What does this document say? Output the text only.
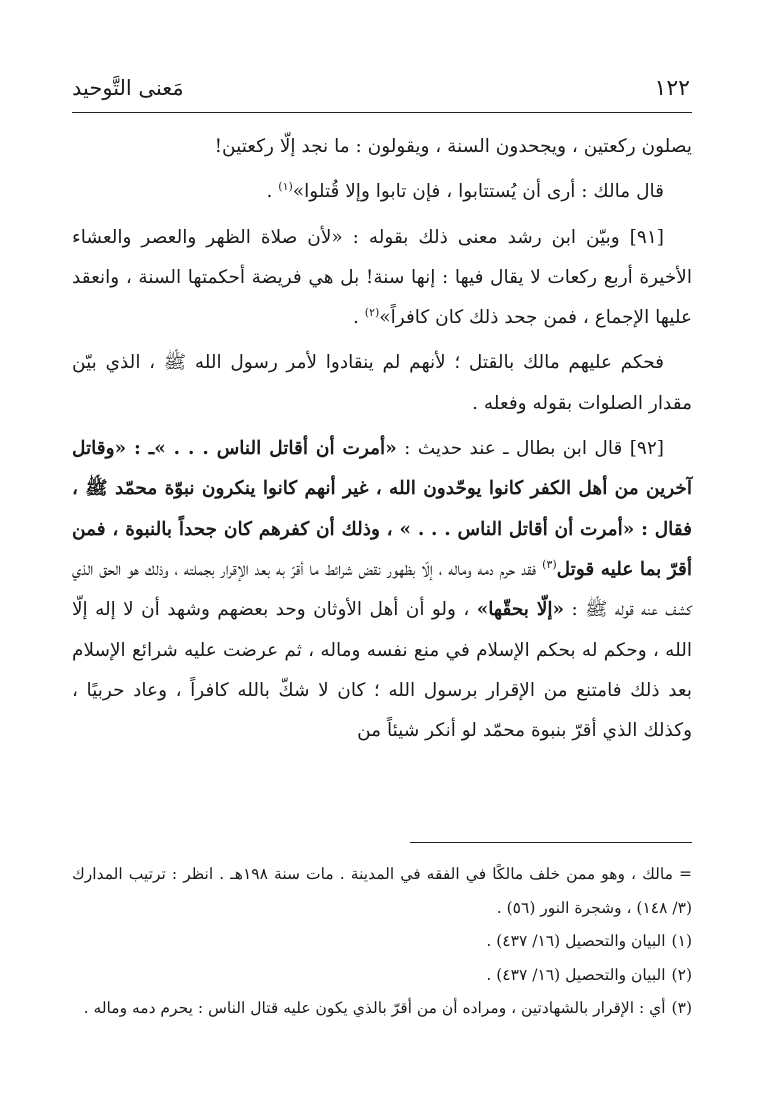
١٢٢
مَعنى التَّوحيد

يصلون ركعتين ، ويجحدون السنة ، ويقولون : ما نجد إلّا ركعتين!

قال مالك : أرى أن يُستتابوا ، فإن تابوا وإلا قُتلوا»$^{(١)}$ .

[٩١] وبيّن ابن رشد معنى ذلك بقوله : «لأن صلاة الظهر والعصر والعشاء الأخيرة أربع ركعات لا يقال فيها : إنها سنة! بل هي فريضة أحكمتها السنة ، وانعقد عليها الإجماع ، فمن جحد ذلك كان كافراً»$^{(٢)}$ .

فحكم عليهم مالك بالقتل ؛ لأنهم لم ينقادوا لأمر رسول الله ﷺ ، الذي بيّن مقدار الصلوات بقوله وفعله .

[٩٢] قال ابن بطال ـ عند حديث : «أمرت أن أقاتل الناس . . . »ـ : «وقاتل آخرين من أهل الكفر كانوا يوحّدون الله ، غير أنهم كانوا ينكرون نبوّة محمّد ﷺ ، فقال : «أمرت أن أقاتل الناس . . . » ، وذلك أن كفرهم كان جحداً بالنبوة ، فمن أقرّ بما عليه قوتل$^{(٣)}$ فقد حرم دمه وماله ، إلّا بظهور نقض شرائط ما أقرّ به بعد الإقرار بجملته ، وذلك هو الحق الذي كشف عنه قوله ﷺ : «إلّا بحقّها» ، ولو أن أهل الأوثان وحد بعضهم وشهد أن لا إله إلّا الله ، وحكم له بحكم الإسلام في منع نفسه وماله ، ثم عرضت عليه شرائع الإسلام بعد ذلك فامتنع من الإقرار برسول الله ؛ كان لا شكّ بالله كافراً ، وعاد حربيًا ، وكذلك الذي أقرّ بنبوة محمّد لو أنكر شيئاً من

= مالك ، وهو ممن خلف مالكًا في الفقه في المدينة . مات سنة ١٩٨هـ . انظر : ترتيب المدارك (٣/ ١٤٨) ، وشجرة النور (٥٦) .

(١)البيان والتحصيل (١٦/ ٤٣٧) .

(٢)البيان والتحصيل (١٦/ ٤٣٧) .

(٣)أي : الإقرار بالشهادتين ، ومراده أن من أقرّ بالذي يكون عليه قتال الناس : يحرم دمه وماله .
